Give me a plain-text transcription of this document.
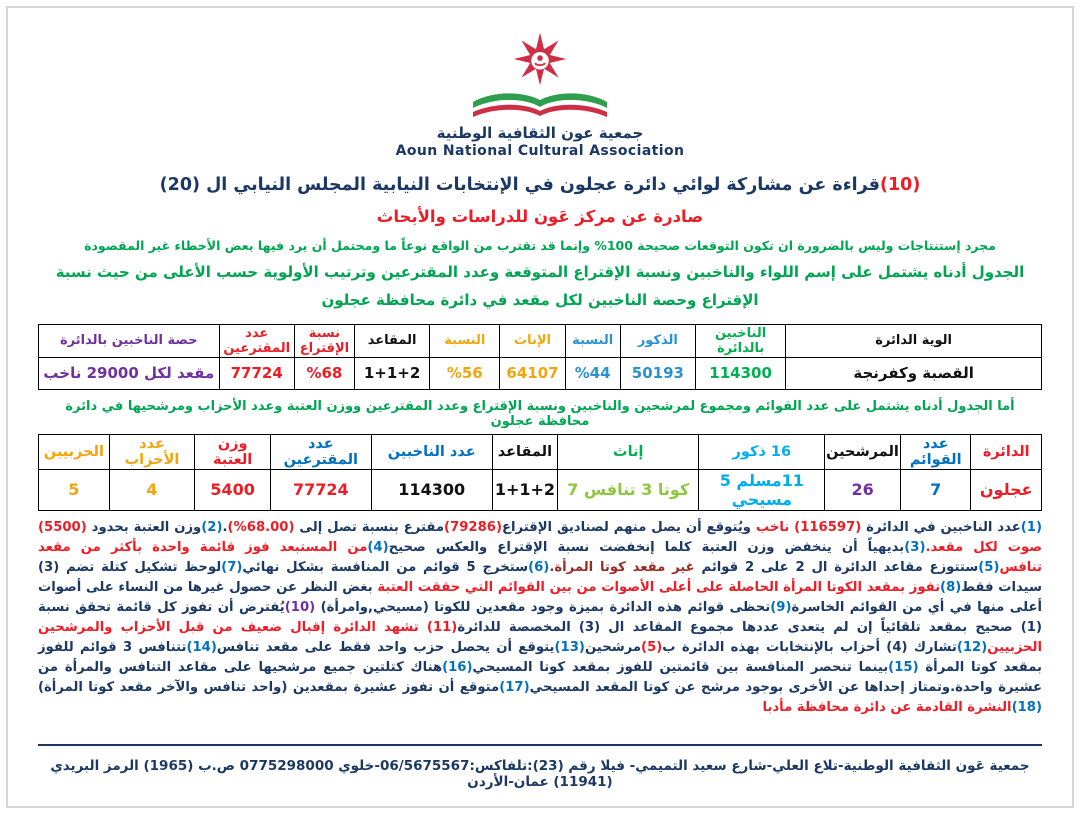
جمعية عون الثقافية الوطنية
Aoun National Cultural Association
(10)قراءة عن مشاركة لوائي دائرة عجلون في الإنتخابات النيابية المجلس النيابي ال (20)
صادرة عن مركز عَون للدراسات والأبحاث
مجرد إستنتاجات وليس بالضرورة ان تكون التوقعات صحيحة 100% وإنما قد تقترب من الواقع نوعاً ما ومحتمل أن يرد فيها بعض الأخطاء غير المقصودة
الجدول أدناه يشتمل على إسم اللواء والناخبين ونسبة الإقتراع المتوقعة وعدد المقترعين وترتيب الأولوية حسب الأعلى من حيث نسبة الإقتراع وحصة الناخبين لكل مقعد في دائرة محافظة عجلون
الوية الدائرة	الناخبين بالدائرة	الذكور	النسبة	الإناث	النسبة	المقاعد	نسبة الإقتراع	عدد المقترعين	حصة الناخبين بالدائرة
القصبة وكفرنجة	114300	50193	%44	64107	%56	1+1+2	%68	77724	مقعد لكل 29000 ناخب
أما الجدول أدناه يشتمل على عدد القوائم ومجموع لمرشحين والناخبين ونسبة الإقتراع وعدد المقترعين ووزن العتبة وعدد الأحزاب ومرشحيها في دائرة محافظة عجلون
الدائرة	عدد القوائم	المرشحين	16 ذكور	إناث	المقاعد	عدد الناخبين	عدد المقترعين	وزن العتبة	عدد الأحزاب	الحزبيين
عجلون	7	26	11مسلم 5 مسيحي	7 كوتا 3 تنافس	1+1+2	114300	77724	5400	4	5

(1)عدد الناخبين في الدائرة (116597) ناخب ويُتوقع أن يصل منهم لصناديق الإقتراع(79286)مقترع بنسبة تصل إلى (68.00%).(2)وزن العتبة بحدود (5500) صوت لكل مقعد.(3)بديهياً أن ينخفض وزن العتبة كلما إنخفضت نسبة الإقتراع والعكس صحيح(4)من المستبعد فوز قائمة واحدة بأكثر من مقعد تنافس(5)ستتوزع مقاعد الدائرة ال 2 على 2 قوائم غير مقعد كوتا المرأة.(6)ستخرج 5 قوائم من المنافسة بشكل نهائي(7)لوحظ تشكيل كتلة تضم (3) سيدات فقط(8)تفوز بمقعد الكوتا المرأة الحاصلة على أعلى الأصوات من بين القوائم التي حققت العتبة بغض النظر عن حصول غيرها من النساء على أصوات أعلى منها في أي من القوائم الخاسرة(9)تحظى قوائم هذه الدائرة بميزة وجود مقعدين للكوتا (مسيحي,وامرأة) (10)يُفترض أن تفوز كل قائمة تحقق نسبة (1) صحيح بمقعد تلقائياً إن لم يتعدى عددها مجموع المقاعد ال (3) المخصصة للدائرة(11) تشهد الدائرة إقبال ضعيف من قبل الأحزاب والمرشحين الحزبيين(12)تشارك (4) أحزاب بالإنتخابات بهذه الدائرة ب(5)مرشحين(13)يتوقع أن يحصل حزب واحد فقط على مقعد تنافس(14)تتنافس 3 قوائم للفوز بمقعد كوتا المرأة (15)بينما تنحصر المنافسة بين قائمتين للفوز بمقعد كوتا المسيحي(16)هناك كتلتين جميع مرشحيها على مقاعد التنافس والمرأة من عشيرة واحدة.وتمتاز إحداها عن الأخرى بوجود مرشح عن كوتا المقعد المسيحي(17)متوقع أن تفوز عشيرة بمقعدين (واحد تنافس والآخر مقعد كوتا المرأة)(18)النشرة القادمة عن دائرة محافظة مأدبا

جمعية عَون الثقافية الوطنية-تلاع العلي-شارع سعيد التميمي- فيلا رقم (23):تلفاكس:06/5675567-خلوي 0775298000 ص.ب (1965) الرمز البريدي (11941) عمان-الأردن
